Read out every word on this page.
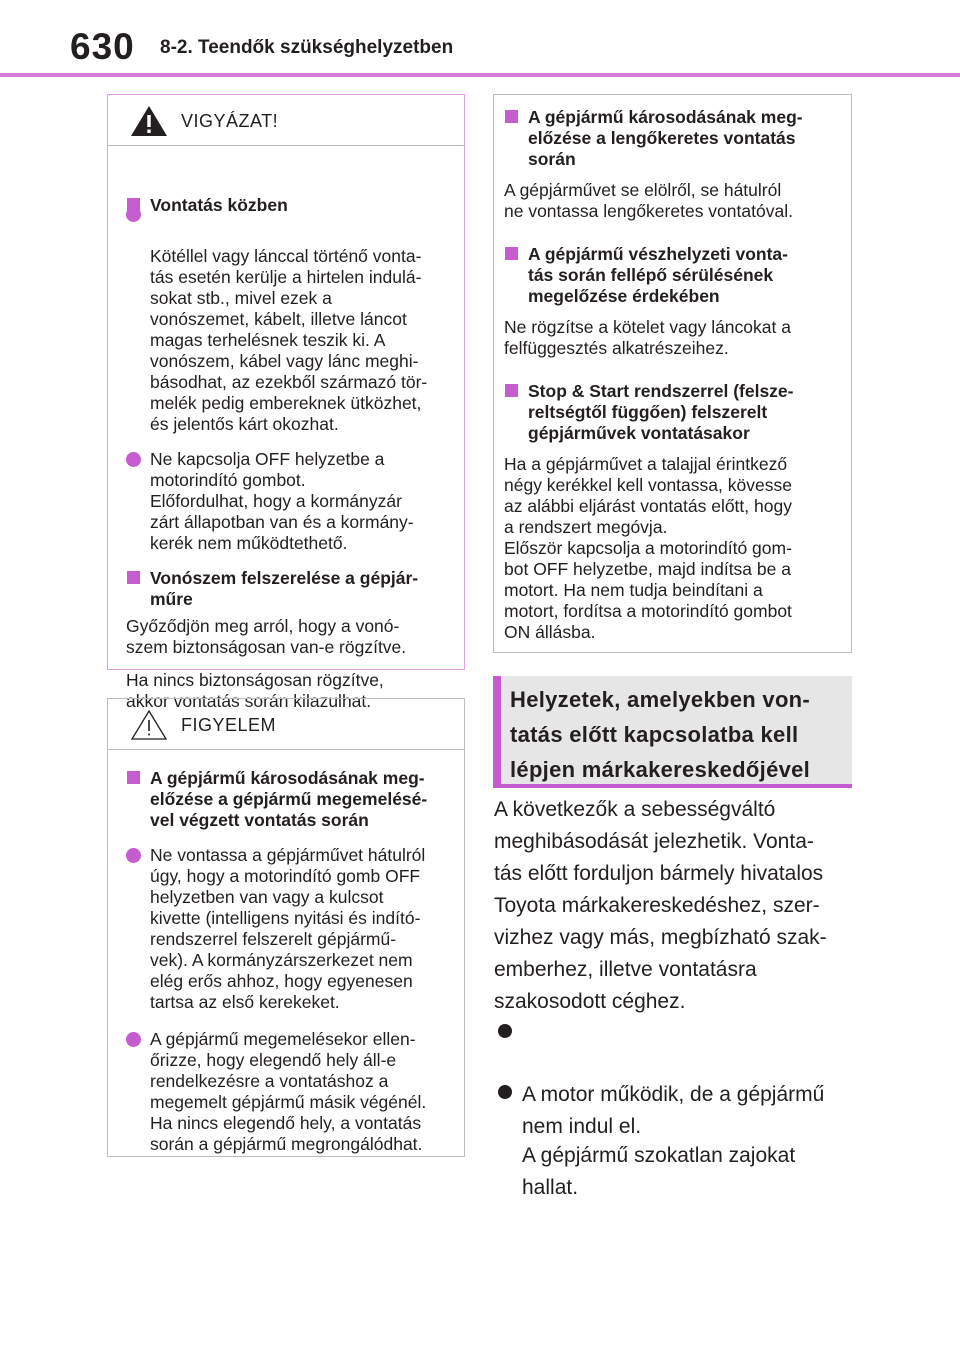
630 8-2. Teendők szükséghelyzetben
VIGYÁZAT!
Vontatás közben

Kötéllel vagy lánccal történő vonta-
tás esetén kerülje a hirtelen indulá-
sokat stb., mivel ezek a
vonószemet, kábelt, illetve láncot
magas terhelésnek teszik ki. A
vonószem, kábel vagy lánc meghi-
básodhat, az ezekből származó tör-
melék pedig embereknek ütközhet,
és jelentős kárt okozhat.

Ne kapcsolja OFF helyzetbe a
motorindító gombot.
Előfordulhat, hogy a kormányzár
zárt állapotban van és a kormány-
kerék nem működtethető.
Vonószem felszerelése a gépjár-
műre
Győződjön meg arról, hogy a vonó-
szem biztonságosan van-e rögzítve.
Ha nincs biztonságosan rögzítve,
akkor vontatás során kilazulhat.
FIGYELEM
A gépjármű károsodásának meg-
előzése a gépjármű megemelésé-
vel végzett vontatás során
Ne vontassa a gépjárművet hátulról
úgy, hogy a motorindító gomb OFF
helyzetben van vagy a kulcsot
kivette (intelligens nyitási és indító-
rendszerrel felszerelt gépjármű-
vek). A kormányzárszerkezet nem
elég erős ahhoz, hogy egyenesen
tartsa az első kerekeket.
A gépjármű megemelésekor ellen-
őrizze, hogy elegendő hely áll-e
rendelkezésre a vontatáshoz a
megemelt gépjármű másik végénél.
Ha nincs elegendő hely, a vontatás
során a gépjármű megrongálódhat.
A gépjármű károsodásának meg-
előzése a lengőkeretes vontatás
során
A gépjárművet se elölről, se hátulról
ne vontassa lengőkeretes vontatóval.
A gépjármű vészhelyzeti vonta-
tás során fellépő sérülésének
megelőzése érdekében
Ne rögzítse a kötelet vagy láncokat a
felfüggesztés alkatrészeihez.
Stop & Start rendszerrel (felsze-
reltségtől függően) felszerelt
gépjárművek vontatásakor
Ha a gépjárművet a talajjal érintkező
négy kerékkel kell vontassa, kövesse
az alábbi eljárást vontatás előtt, hogy
a rendszert megóvja.
Először kapcsolja a motorindító gom-
bot OFF helyzetbe, majd indítsa be a
motort. Ha nem tudja beindítani a
motort, fordítsa a motorindító gombot
ON állásba.
Helyzetek, amelyekben von-
tatás előtt kapcsolatba kell
lépjen márkakereskedőjével
A következők a sebességváltó
meghibásodását jelezhetik. Vonta-
tás előtt forduljon bármely hivatalos
Toyota márkakereskedéshez, szer-
vizhez vagy más, megbízható szak-
emberhez, illetve vontatásra
szakosodott céghez.

A motor működik, de a gépjármű
nem indul el.

A gépjármű szokatlan zajokat
hallat.
